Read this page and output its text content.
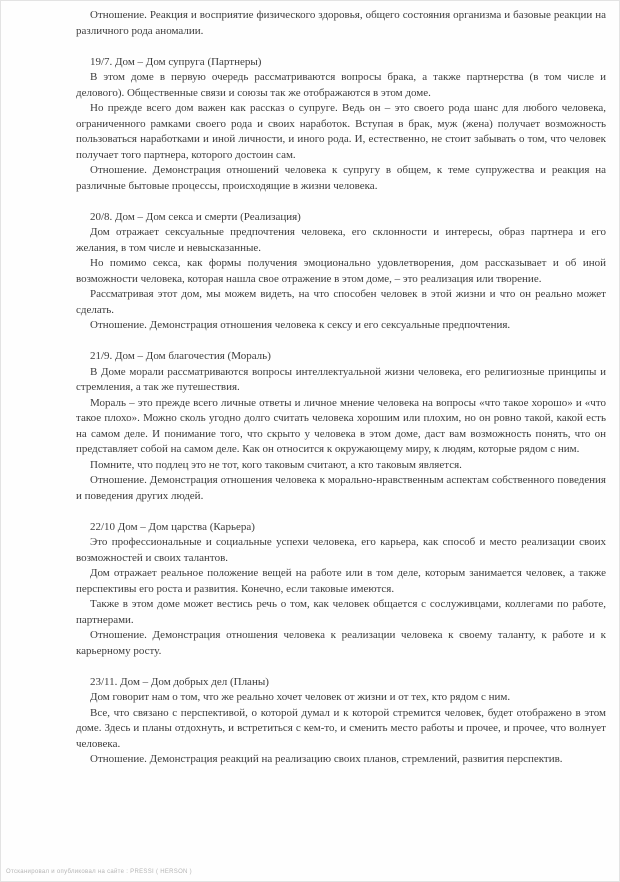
Отношение. Реакция и восприятие физического здоровья, общего состояния организма и базовые реакции на различного рода аномалии.

19/7. Дом – Дом супруга (Партнеры)

В этом доме в первую очередь рассматриваются вопросы брака, а также партнерства (в том числе и делового). Общественные связи и союзы так же отображаются в этом доме.

Но прежде всего дом важен как рассказ о супруге. Ведь он – это своего рода шанс для любого человека, ограниченного рамками своего рода и своих наработок. Вступая в брак, муж (жена) получает возможность пользоваться наработками и иной личности, и иного рода. И, естественно, не стоит забывать о том, что человек получает того партнера, которого достоин сам.

Отношение. Демонстрация отношений человека к супругу в общем, к теме супружества и реакция на различные бытовые процессы, происходящие в жизни человека.

20/8. Дом – Дом секса и смерти (Реализация)

Дом отражает сексуальные предпочтения человека, его склонности и интересы, образ партнера и его желания, в том числе и невысказанные.

Но помимо секса, как формы получения эмоционально удовлетворения, дом рассказывает и об иной возможности человека, которая нашла свое отражение в этом доме, – это реализация или творение.

Рассматривая этот дом, мы можем видеть, на что способен человек в этой жизни и что он реально может сделать.

Отношение. Демонстрация отношения человека к сексу и его сексуальные предпочтения.

21/9. Дом – Дом благочестия (Мораль)

В Доме морали рассматриваются вопросы интеллектуальной жизни человека, его религиозные принципы и стремления, а так же путешествия.

Мораль – это прежде всего личные ответы и личное мнение человека на вопросы «что такое хорошо» и «что такое плохо». Можно сколь угодно долго считать человека хорошим или плохим, но он ровно такой, какой есть на самом деле. И понимание того, что скрыто у человека в этом доме, даст вам возможность понять, что он представляет собой на самом деле. Как он относится к окружающему миру, к людям, которые рядом с ним.

Помните, что подлец это не тот, кого таковым считают, а кто таковым является.

Отношение. Демонстрация отношения человека к морально-нравственным аспектам собственного поведения и поведения других людей.

22/10 Дом – Дом царства (Карьера)

Это профессиональные и социальные успехи человека, его карьера, как способ и место реализации своих возможностей и своих талантов.

Дом отражает реальное положение вещей на работе или в том деле, которым занимается человек, а также перспективы его роста и развития. Конечно, если таковые имеются.

Также в этом доме может вестись речь о том, как человек общается с сослуживцами, коллегами по работе, партнерами.

Отношение. Демонстрация отношения человека к реализации человека к своему таланту, к работе и к карьерному росту.

23/11. Дом – Дом добрых дел (Планы)

Дом говорит нам о том, что же реально хочет человек от жизни и от тех, кто рядом с ним.

Все, что связано с перспективой, о которой думал и к которой стремится человек, будет отображено в этом доме. Здесь и планы отдохнуть, и встретиться с кем-то, и сменить место работы и прочее, и прочее, что волнует человека.

Отношение. Демонстрация реакций на реализацию своих планов, стремлений, развития перспектив.

Отсканировал и опубликовал на сайте : PRESSI ( HERSON )
